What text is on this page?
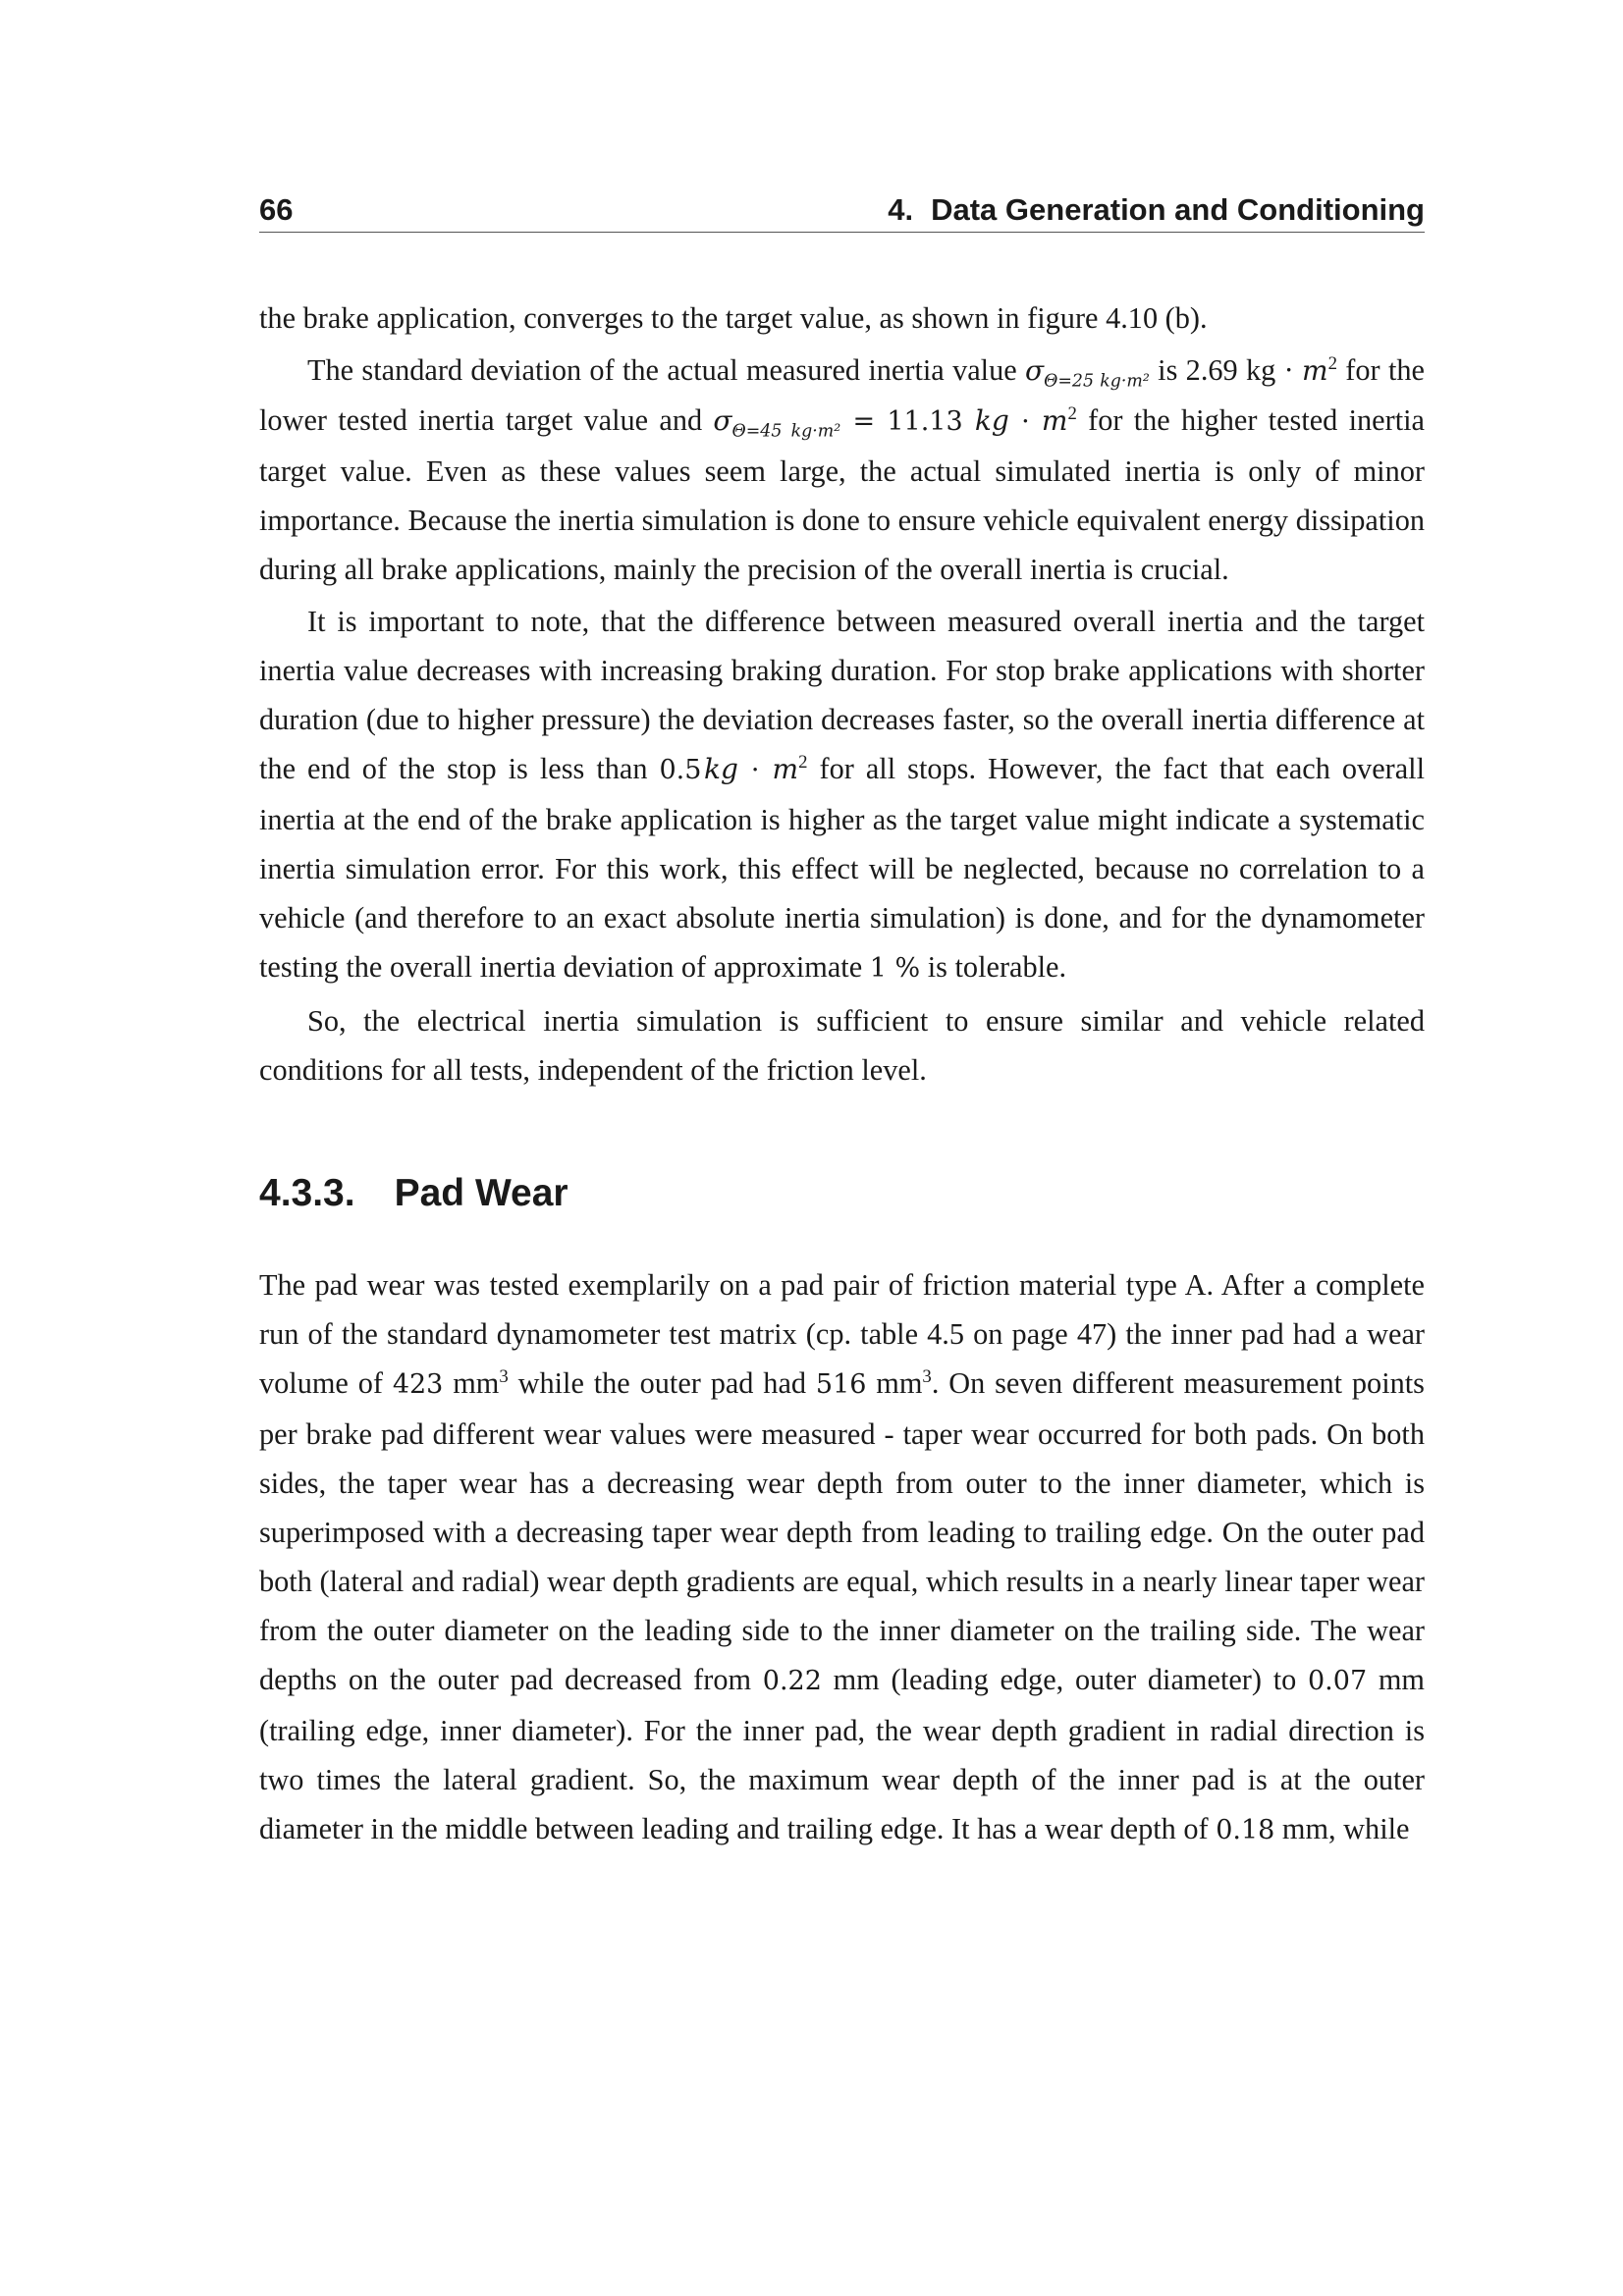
66	4. Data Generation and Conditioning

the brake application, converges to the target value, as shown in figure 4.10 (b).

The standard deviation of the actual measured inertia value $\sigma_{\Theta=25 kg\cdot m^2}$ is 2.69 kg · $m^2$ for the lower tested inertia target value and $\sigma_{\Theta=45 kg\cdot m^2} = 11.13$ kg · $m^2$ for the higher tested inertia target value. Even as these values seem large, the actual simulated inertia is only of minor importance. Because the inertia simulation is done to ensure vehicle equivalent energy dissipation during all brake applications, mainly the precision of the overall inertia is crucial.

It is important to note, that the difference between measured overall inertia and the target inertia value decreases with increasing braking duration. For stop brake applications with shorter duration (due to higher pressure) the deviation decreases faster, so the overall inertia difference at the end of the stop is less than 0.5 kg · $m^2$ for all stops. However, the fact that each overall inertia at the end of the brake application is higher as the target value might indicate a systematic inertia simulation error. For this work, this effect will be neglected, because no correlation to a vehicle (and therefore to an exact absolute inertia simulation) is done, and for the dynamometer testing the overall inertia deviation of approximate 1 % is tolerable.

So, the electrical inertia simulation is sufficient to ensure similar and vehicle related conditions for all tests, independent of the friction level.

4.3.3. Pad Wear

The pad wear was tested exemplarily on a pad pair of friction material type A. After a complete run of the standard dynamometer test matrix (cp. table 4.5 on page 47) the inner pad had a wear volume of 423 $mm^3$ while the outer pad had 516 $mm^3$. On seven different measurement points per brake pad different wear values were measured - taper wear occurred for both pads. On both sides, the taper wear has a decreasing wear depth from outer to the inner diameter, which is superimposed with a decreasing taper wear depth from leading to trailing edge. On the outer pad both (lateral and radial) wear depth gradients are equal, which results in a nearly linear taper wear from the outer diameter on the leading side to the inner diameter on the trailing side. The wear depths on the outer pad decreased from 0.22 mm (leading edge, outer diameter) to 0.07 mm (trailing edge, inner diameter). For the inner pad, the wear depth gradient in radial direction is two times the lateral gradient. So, the maximum wear depth of the inner pad is at the outer diameter in the middle between leading and trailing edge. It has a wear depth of 0.18 mm, while
